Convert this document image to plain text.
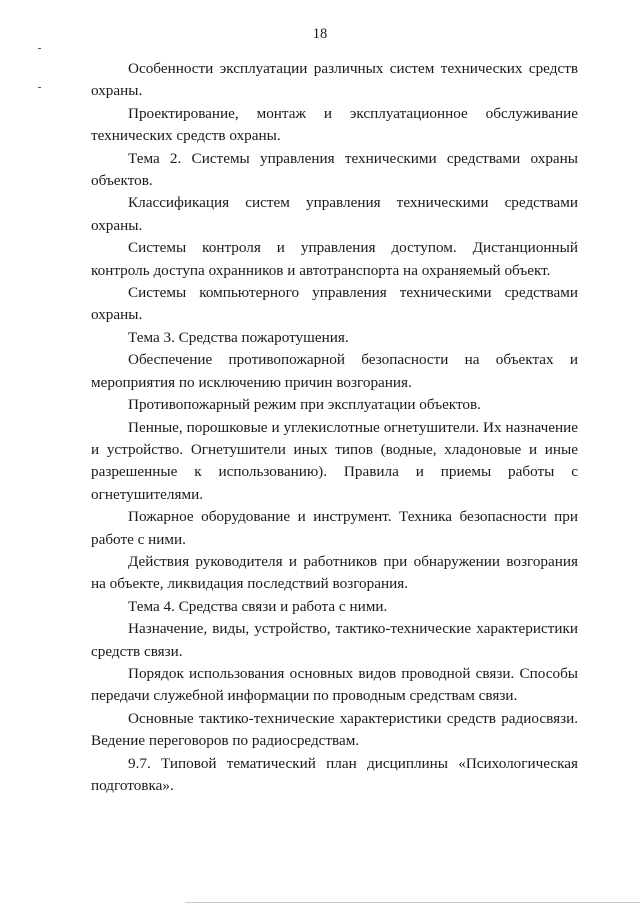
18

Особенности эксплуатации различных систем технических средств охраны.

Проектирование, монтаж и эксплуатационное обслуживание технических средств охраны.

Тема 2. Системы управления техническими средствами охраны объектов.

Классификация систем управления техническими средствами охраны.

Системы контроля и управления доступом. Дистанционный контроль доступа охранников и автотранспорта на охраняемый объект.

Системы компьютерного управления техническими средствами охраны.

Тема 3. Средства пожаротушения.

Обеспечение противопожарной безопасности на объектах и мероприятия по исключению причин возгорания.

Противопожарный режим при эксплуатации объектов.

Пенные, порошковые и углекислотные огнетушители. Их назначение и устройство. Огнетушители иных типов (водные, хладоновые и иные разрешенные к использованию). Правила и приемы работы с огнетушителями.

Пожарное оборудование и инструмент. Техника безопасности при работе с ними.

Действия руководителя и работников при обнаружении возгорания на объекте, ликвидация последствий возгорания.

Тема 4. Средства связи и работа с ними.

Назначение, виды, устройство, тактико-технические характеристики средств связи.

Порядок использования основных видов проводной связи. Способы передачи служебной информации по проводным средствам связи.

Основные тактико-технические характеристики средств радиосвязи. Ведение переговоров по радиосредствам.

9.7. Типовой тематический план дисциплины «Психологическая подготовка».
